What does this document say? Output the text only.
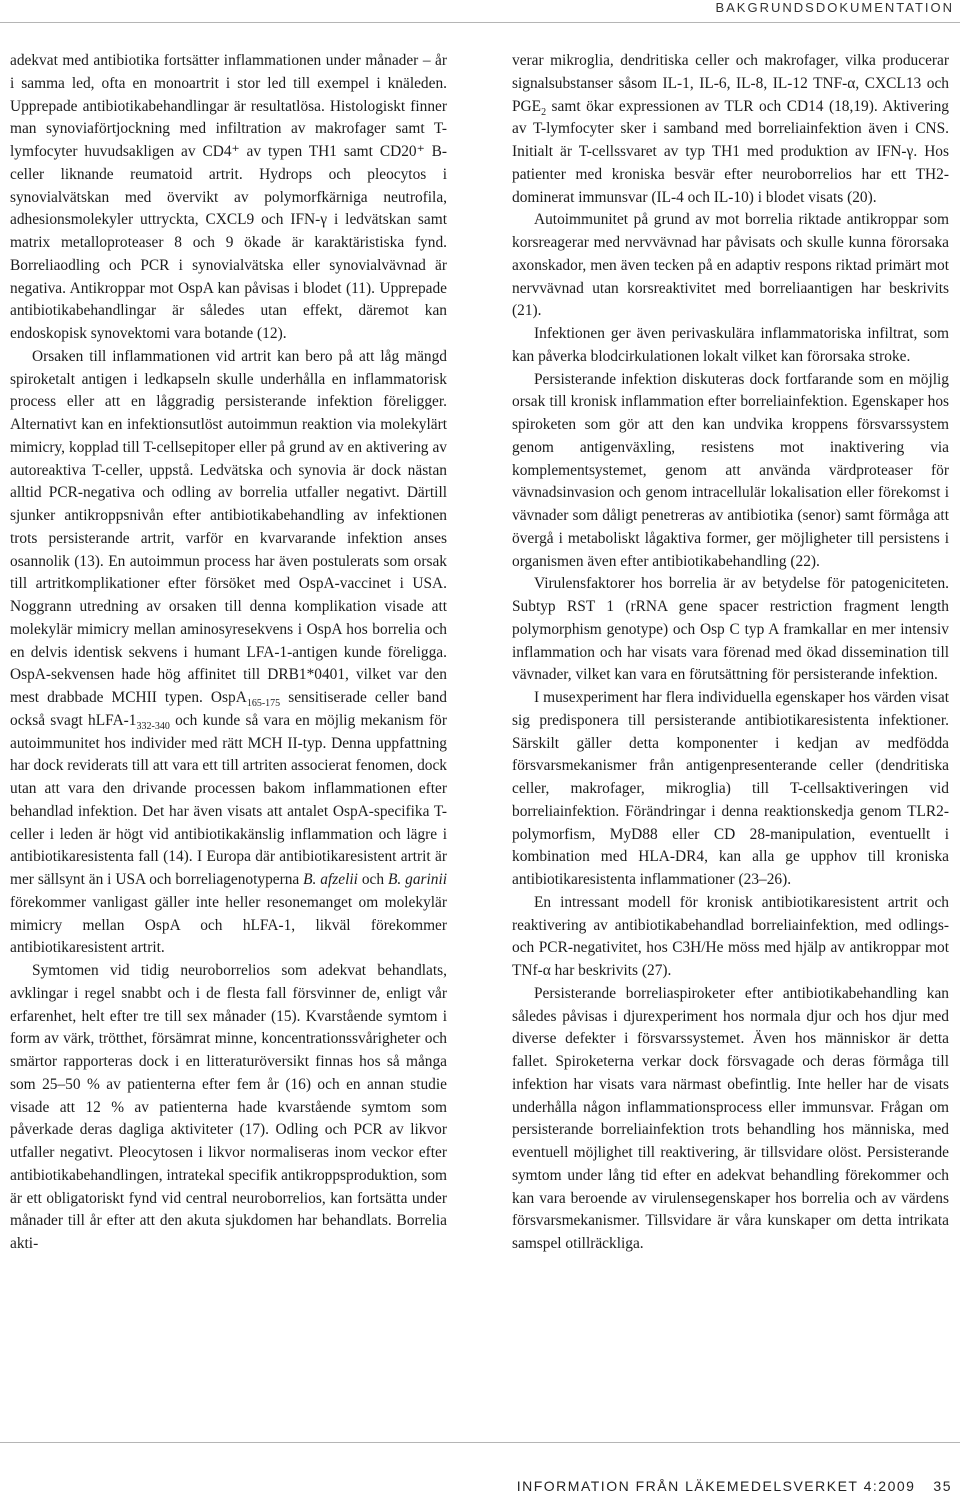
BAKGRUNDSDOKUMENTATION

adekvat med antibiotika fortsätter inflammationen under månader – år i samma led, ofta en monoartrit i stor led till exempel i knäleden. Upprepade antibiotikabehandlingar är resultatlösa. Histologiskt finner man synoviaförtjockning med infiltration av makrofager samt T-lymfocyter huvudsakligen av CD4⁺ av typen TH1 samt CD20⁺ B-celler liknande reumatoid artrit. Hydrops och pleocytos i synovialvätskan med övervikt av polymorfkärniga neutrofila, adhesionsmolekyler uttryckta, CXCL9 och IFN-γ i ledvätskan samt matrix metalloproteaser 8 och 9 ökade är karaktäristiska fynd. Borreliaodling och PCR i synovialvätska eller synovialvävnad är negativa. Antikroppar mot OspA kan påvisas i blodet (11). Upprepade antibiotikabehandlingar är således utan effekt, däremot kan endoskopisk synovektomi vara botande (12).

Orsaken till inflammationen vid artrit kan bero på att låg mängd spiroketalt antigen i ledkapseln skulle underhålla en inflammatorisk process eller att en låggradig persisterande infektion föreligger. Alternativt kan en infektionsutlöst autoimmun reaktion via molekylärt mimicry, kopplad till T-cellsepitoper eller på grund av en aktivering av autoreaktiva T-celler, uppstå. Ledvätska och synovia är dock nästan alltid PCR-negativa och odling av borrelia utfaller negativt. Därtill sjunker antikroppsnivån efter antibiotikabehandling av infektionen trots persisterande artrit, varför en kvarvarande infektion anses osannolik (13). En autoimmun process har även postulerats som orsak till artritkomplikationer efter försöket med OspA-vaccinet i USA. Noggrann utredning av orsaken till denna komplikation visade att molekylär mimicry mellan aminosyresekvens i OspA hos borrelia och en delvis identisk sekvens i humant LFA-1-antigen kunde föreligga. OspA-sekvensen hade hög affinitet till DRB1*0401, vilket var den mest drabbade MCHII typen. OspA$_{165-175}$ sensitiserade celler band också svagt hLFA-$1_{332-340}$ och kunde så vara en möjlig mekanism för autoimmunitet hos individer med rätt MCH II-typ. Denna uppfattning har dock reviderats till att vara ett till artriten associerat fenomen, dock utan att vara den drivande processen bakom inflammationen efter behandlad infektion. Det har även visats att antalet OspA-specifika T-celler i leden är högt vid antibiotikakänslig inflammation och lägre i antibiotikaresistenta fall (14). I Europa där antibiotikaresistent artrit är mer sällsynt än i USA och borreliagenotyperna B. afzelii och B. garinii förekommer vanligast gäller inte heller resonemanget om molekylär mimicry mellan OspA och hLFA-1, likväl förekommer antibiotikaresistent artrit.

Symtomen vid tidig neuroborrelios som adekvat behandlats, avklingar i regel snabbt och i de flesta fall försvinner de, enligt vår erfarenhet, helt efter tre till sex månader (15). Kvarstående symtom i form av värk, trötthet, försämrat minne, koncentrationssvårigheter och smärtor rapporteras dock i en litteraturöversikt finnas hos så många som 25–50 % av patienterna efter fem år (16) och en annan studie visade att 12 % av patienterna hade kvarstående symtom som påverkade deras dagliga aktiviteter (17). Odling och PCR av likvor utfaller negativt. Pleocytosen i likvor normaliseras inom veckor efter antibiotikabehandlingen, intratekal specifik antikroppsproduktion, som är ett obligatoriskt fynd vid central neuroborrelios, kan fortsätta under månader till år efter att den akuta sjukdomen har behandlats. Borrelia akti-

verar mikroglia, dendritiska celler och makrofager, vilka producerar signalsubstanser såsom IL-1, IL-6, IL-8, IL-12 TNF-α, CXCL13 och $PGE_2$ samt ökar expressionen av TLR och CD14 (18,19). Aktivering av T-lymfocyter sker i samband med borreliainfektion även i CNS. Initialt är T-cellssvaret av typ TH1 med produktion av IFN-γ. Hos patienter med kroniska besvär efter neuroborrelios har ett TH2-dominerat immunsvar (IL-4 och IL-10) i blodet visats (20).

Autoimmunitet på grund av mot borrelia riktade antikroppar som korsreagerar med nervvävnad har påvisats och skulle kunna förorsaka axonskador, men även tecken på en adaptiv respons riktad primärt mot nervvävnad utan korsreaktivitet med borreliaantigen har beskrivits (21).

Infektionen ger även perivaskulära inflammatoriska infiltrat, som kan påverka blodcirkulationen lokalt vilket kan förorsaka stroke.

Persisterande infektion diskuteras dock fortfarande som en möjlig orsak till kronisk inflammation efter borreliainfektion. Egenskaper hos spiroketen som gör att den kan undvika kroppens försvarssystem genom antigenväxling, resistens mot inaktivering via komplementsystemet, genom att använda värdproteaser för vävnadsinvasion och genom intracellulär lokalisation eller förekomst i vävnader som dåligt penetreras av antibiotika (senor) samt förmåga att övergå i metaboliskt lågaktiva former, ger möjligheter till persistens i organismen även efter antibiotikabehandling (22).

Virulensfaktorer hos borrelia är av betydelse för patogeniciteten. Subtyp RST 1 (rRNA gene spacer restriction fragment length polymorphism genotype) och Osp C typ A framkallar en mer intensiv inflammation och har visats vara förenad med ökad dissemination till vävnader, vilket kan vara en förutsättning för persisterande infektion.

I musexperiment har flera individuella egenskaper hos värden visat sig predisponera till persisterande antibiotikaresistenta infektioner. Särskilt gäller detta komponenter i kedjan av medfödda försvarsmekanismer från antigenpresenterande celler (dendritiska celler, makrofager, mikroglia) till T-cellsaktiveringen vid borreliainfektion. Förändringar i denna reaktionskedja genom TLR2-polymorfism, MyD88 eller CD 28-manipulation, eventuellt i kombination med HLA-DR4, kan alla ge upphov till kroniska antibiotikaresistenta inflammationer (23–26).

En intressant modell för kronisk antibiotikaresistent artrit och reaktivering av antibiotikabehandlad borreliainfektion, med odlings- och PCR-negativitet, hos C3H/He möss med hjälp av antikroppar mot TNf-α har beskrivits (27).

Persisterande borreliaspiroketer efter antibiotikabehandling kan således påvisas i djurexperiment hos normala djur och hos djur med diverse defekter i försvarssystemet. Även hos människor är detta fallet. Spiroketerna verkar dock försvagade och deras förmåga till infektion har visats vara närmast obefintlig. Inte heller har de visats underhålla någon inflammationsprocess eller immunsvar. Frågan om persisterande borreliainfektion trots behandling hos människa, med eventuell möjlighet till reaktivering, är tillsvidare olöst. Persisterande symtom under lång tid efter en adekvat behandling förekommer och kan vara beroende av virulensegenskaper hos borrelia och av värdens försvarsmekanismer. Tillsvidare är våra kunskaper om detta intrikata samspel otillräckliga.

INFORMATION FRÅN LÄKEMEDELSVERKET 4:2009 35
